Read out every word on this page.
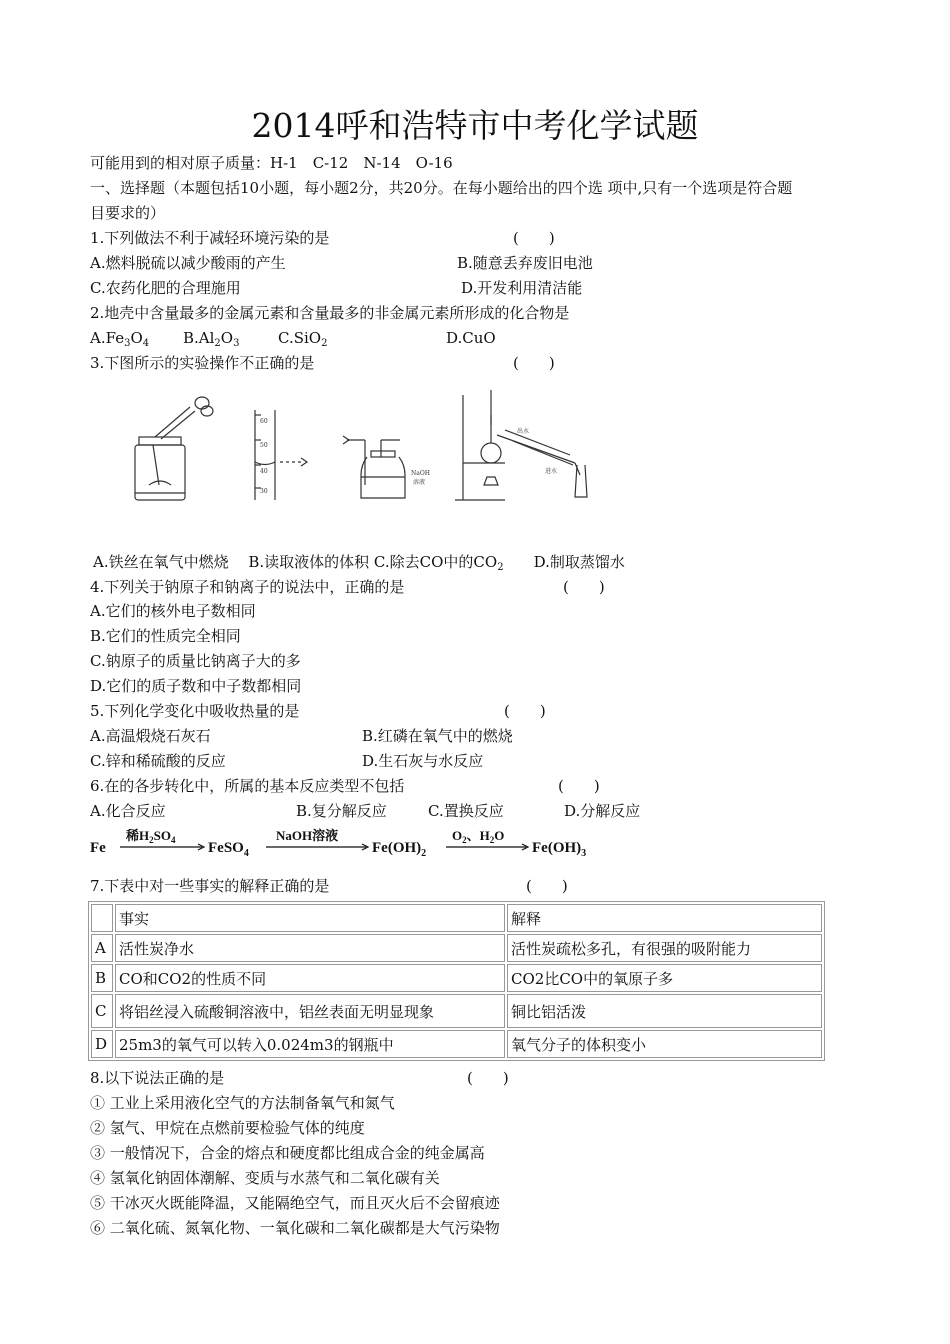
2014呼和浩特市中考化学试题
可能用到的相对原子质量：H-1　C-12　N-14　O-16
一、选择题（本题包括10小题，每小题2分，共20分。在每小题给出的四个选 项中,只有一个选项是符合题
目要求的）
1.下列做法不利于减轻环境污染的是	(　　)
A.燃料脱硫以减少酸雨的产生	B.随意丢弃废旧电池
C.农药化肥的合理施用	D.开发利用清洁能
2.地壳中含量最多的金属元素和含量最多的非金属元素所形成的化合物是
$A.Fe_3O_4$ $B.Al_2O_3$	C.SiO$_2$	D.CuO
3.下图所示的实验操作不正确的是	(　　)
60
50
40
30
NaOH
溶液
出水
进水
A.铁丝在氧气中燃烧　 B.读取液体的体积 C.除去CO中的$CO_2$　　D.制取蒸馏水
4.下列关于钠原子和钠离子的说法中，正确的是	(　　)
A.它们的核外电子数相同
B.它们的性质完全相同
C.钠原子的质量比钠离子大的多
D.它们的质子数和中子数都相同
5.下列化学变化中吸收热量的是	(　　)
A.高温煅烧石灰石	B.红磷在氧气中的燃烧
C.锌和稀硫酸的反应	D.生石灰与水反应
6.在的各步转化中，所属的基本反应类型不包括	(　　)
A.化合反应	B.复分解反应	C.置换反应	D.分解反应
Fe
稀$H_2SO_4$ FeSO$_4$
NaOH溶液
$Fe(OH)_2$
$O_2$、$H_2O$
$Fe(OH)_3$
7.下表中对一些事实的解释正确的是	(　　)
	事实	解释
A	活性炭净水	活性炭疏松多孔，有很强的吸附能力
B	CO和CO2的性质不同	CO2比CO中的氧原子多
C	将铝丝浸入硫酸铜溶液中，铝丝表面无明显现象	铜比铝活泼
D	25m3的氧气可以转入0.024m3的钢瓶中	氧气分子的体积变小
8.以下说法正确的是	(　　)
① 工业上采用液化空气的方法制备氧气和氮气
② 氢气、甲烷在点燃前要检验气体的纯度
③ 一般情况下，合金的熔点和硬度都比组成合金的纯金属高
④ 氢氧化钠固体潮解、变质与水蒸气和二氧化碳有关
⑤ 干冰灭火既能降温，又能隔绝空气，而且灭火后不会留痕迹
⑥ 二氧化硫、氮氧化物、一氧化碳和二氧化碳都是大气污染物
